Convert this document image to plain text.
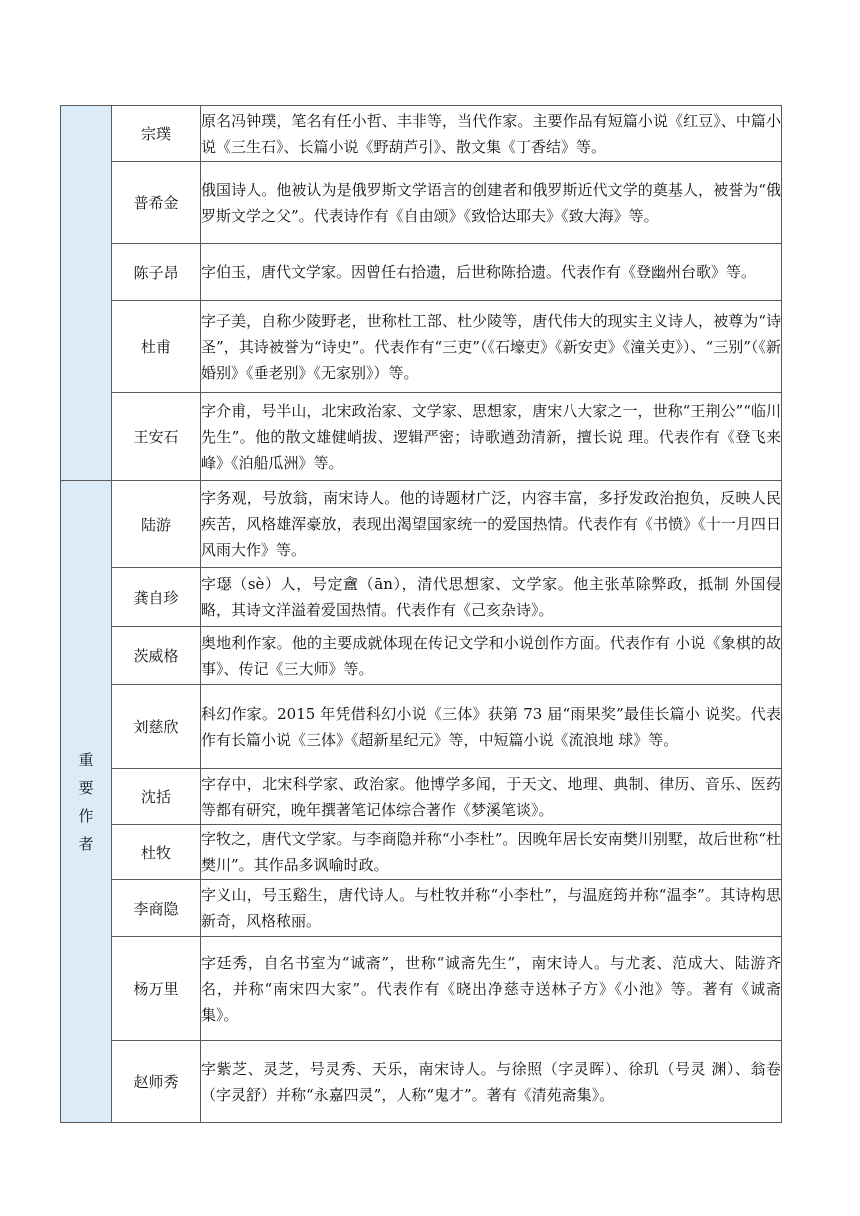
	宗璞	原名冯钟璞，笔名有任小哲、丰非等，当代作家。主要作品有短篇小说《红豆》、中篇小说《三生石》、长篇小说《野葫芦引》、散文集《丁香结》等。
	普希金	俄国诗人。他被认为是俄罗斯文学语言的创建者和俄罗斯近代文学的奠基人，被誉为“俄罗斯文学之父”。代表诗作有《自由颂》《致恰达耶夫》《致大海》等。
	陈子昂	字伯玉，唐代文学家。因曾任右拾遗，后世称陈拾遗。代表作有《登幽州台歌》等。
	杜甫	字子美，自称少陵野老，世称杜工部、杜少陵等，唐代伟大的现实主义诗人，被尊为“诗圣”，其诗被誉为“诗史”。代表作有“三吏”（《石壕吏》《新安吏》《潼关吏》）、“三别”（《新婚别》《垂老别》《无家别》）等。
	王安石	字介甫，号半山，北宋政治家、文学家、思想家，唐宋八大家之一，世称“王荆公”“临川先生”。他的散文雄健峭拔、逻辑严密；诗歌遒劲清新，擅长说 理。代表作有《登飞来峰》《泊船瓜洲》等。
重要作者	陆游	字务观，号放翁，南宋诗人。他的诗题材广泛，内容丰富，多抒发政治抱负，反映人民疾苦，风格雄浑豪放，表现出渴望国家统一的爱国热情。代表作有《书愤》《十一月四日风雨大作》等。
	龚自珍	字璱（sè）人，号定盦（ān），清代思想家、文学家。他主张革除弊政，抵制 外国侵略，其诗文洋溢着爱国热情。代表作有《己亥杂诗》。
	茨威格	奥地利作家。他的主要成就体现在传记文学和小说创作方面。代表作有 小说《象棋的故事》、传记《三大师》等。
	刘慈欣	科幻作家。2015 年凭借科幻小说《三体》获第 73 届“雨果奖”最佳长篇小 说奖。代表作有长篇小说《三体》《超新星纪元》等，中短篇小说《流浪地 球》等。
	沈括	字存中，北宋科学家、政治家。他博学多闻，于天文、地理、典制、律历、音乐、医药等都有研究，晚年撰著笔记体综合著作《梦溪笔谈》。
	杜牧	字牧之，唐代文学家。与李商隐并称“小李杜”。因晚年居长安南樊川别墅，故后世称“杜樊川”。其作品多讽喻时政。
	李商隐	字义山，号玉谿生，唐代诗人。与杜牧并称“小李杜”，与温庭筠并称“温李”。其诗构思新奇，风格秾丽。
	杨万里	字廷秀，自名书室为“诚斋”，世称“诚斋先生”，南宋诗人。与尤袤、范成大、陆游齐名，并称“南宋四大家”。代表作有《晓出净慈寺送林子方》《小池》等。著有《诚斋集》。
	赵师秀	字紫芝、灵芝，号灵秀、天乐，南宋诗人。与徐照（字灵晖）、徐玑（号灵 渊）、翁卷（字灵舒）并称“永嘉四灵”，人称“鬼才”。著有《清苑斋集》。
